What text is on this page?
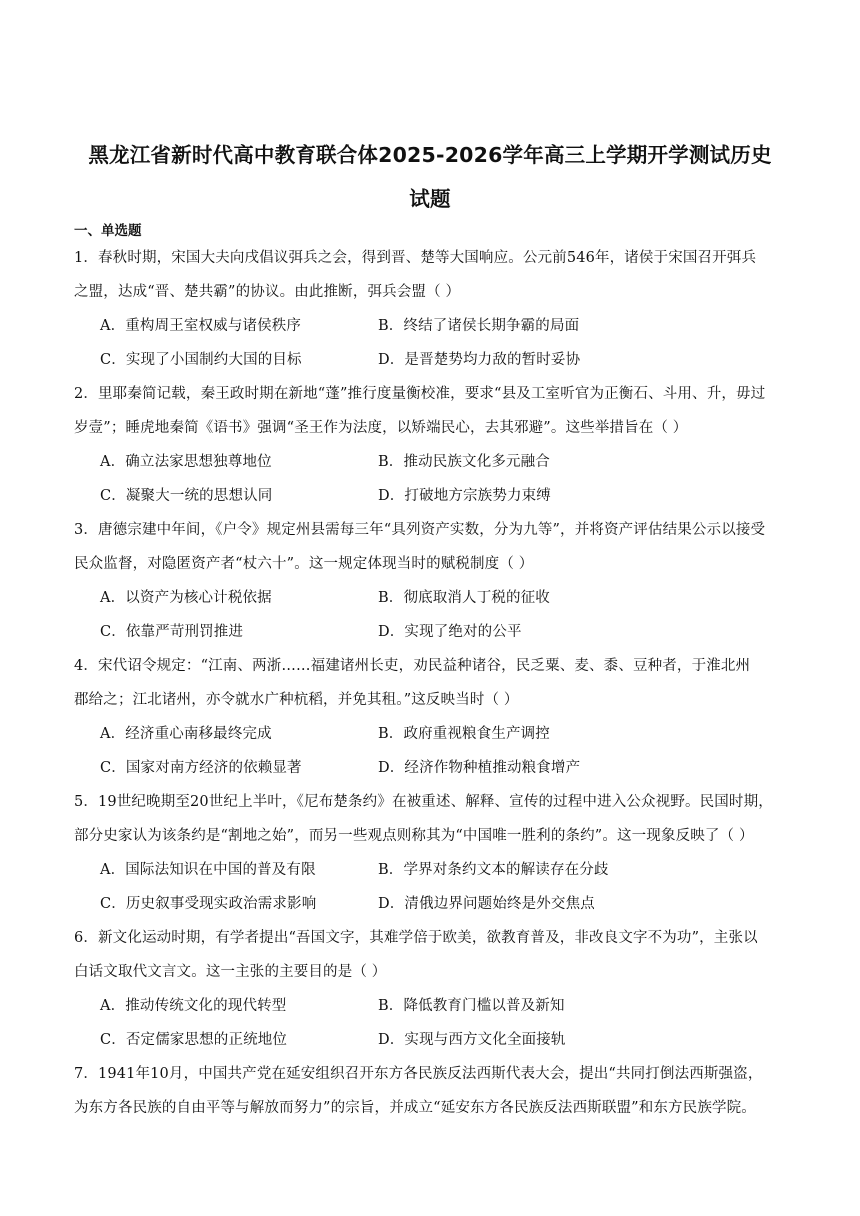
黑龙江省新时代高中教育联合体2025-2026学年高三上学期开学测试历史
试题
一、单选题
1．春秋时期，宋国大夫向戌倡议弭兵之会，得到晋、楚等大国响应。公元前546年，诸侯于宋国召开弭兵
之盟，达成“晋、楚共霸”的协议。由此推断，弭兵会盟（ ）
A．重构周王室权威与诸侯秩序	B．终结了诸侯长期争霸的局面
C．实现了小国制约大国的目标	D．是晋楚势均力敌的暂时妥协
2．里耶秦简记载，秦王政时期在新地“蓬”推行度量衡校准，要求“县及工室听官为正衡石、斗用、升，毋过
岁壹”；睡虎地秦简《语书》强调“圣王作为法度，以矫端民心，去其邪避”。这些举措旨在（ ）
A．确立法家思想独尊地位	B．推动民族文化多元融合
C．凝聚大一统的思想认同	D．打破地方宗族势力束缚
3．唐德宗建中年间，《户令》规定州县需每三年“具列资产实数，分为九等”，并将资产评估结果公示以接受
民众监督，对隐匿资产者“杖六十”。这一规定体现当时的赋税制度（ ）
A．以资产为核心计税依据	B．彻底取消人丁税的征收
C．依靠严苛刑罚推进	D．实现了绝对的公平
4．宋代诏令规定：“江南、两浙……福建诸州长吏，劝民益种诸谷，民乏粟、麦、黍、豆种者，于淮北州
郡给之；江北诸州，亦令就水广种杭稻，并免其租。”这反映当时（ ）
A．经济重心南移最终完成	B．政府重视粮食生产调控
C．国家对南方经济的依赖显著	D．经济作物种植推动粮食增产
5．19世纪晚期至20世纪上半叶，《尼布楚条约》在被重述、解释、宣传的过程中进入公众视野。民国时期，
部分史家认为该条约是“割地之始”，而另一些观点则称其为“中国唯一胜利的条约”。这一现象反映了（ ）
A．国际法知识在中国的普及有限	B．学界对条约文本的解读存在分歧
C．历史叙事受现实政治需求影响	D．清俄边界问题始终是外交焦点
6．新文化运动时期，有学者提出“吾国文字，其难学倍于欧美，欲教育普及，非改良文字不为功”，主张以
白话文取代文言文。这一主张的主要目的是（ ）
A．推动传统文化的现代转型	B．降低教育门槛以普及新知
C．否定儒家思想的正统地位	D．实现与西方文化全面接轨
7．1941年10月，中国共产党在延安组织召开东方各民族反法西斯代表大会，提出“共同打倒法西斯强盗，
为东方各民族的自由平等与解放而努力”的宗旨，并成立“延安东方各民族反法西斯联盟”和东方民族学院。
